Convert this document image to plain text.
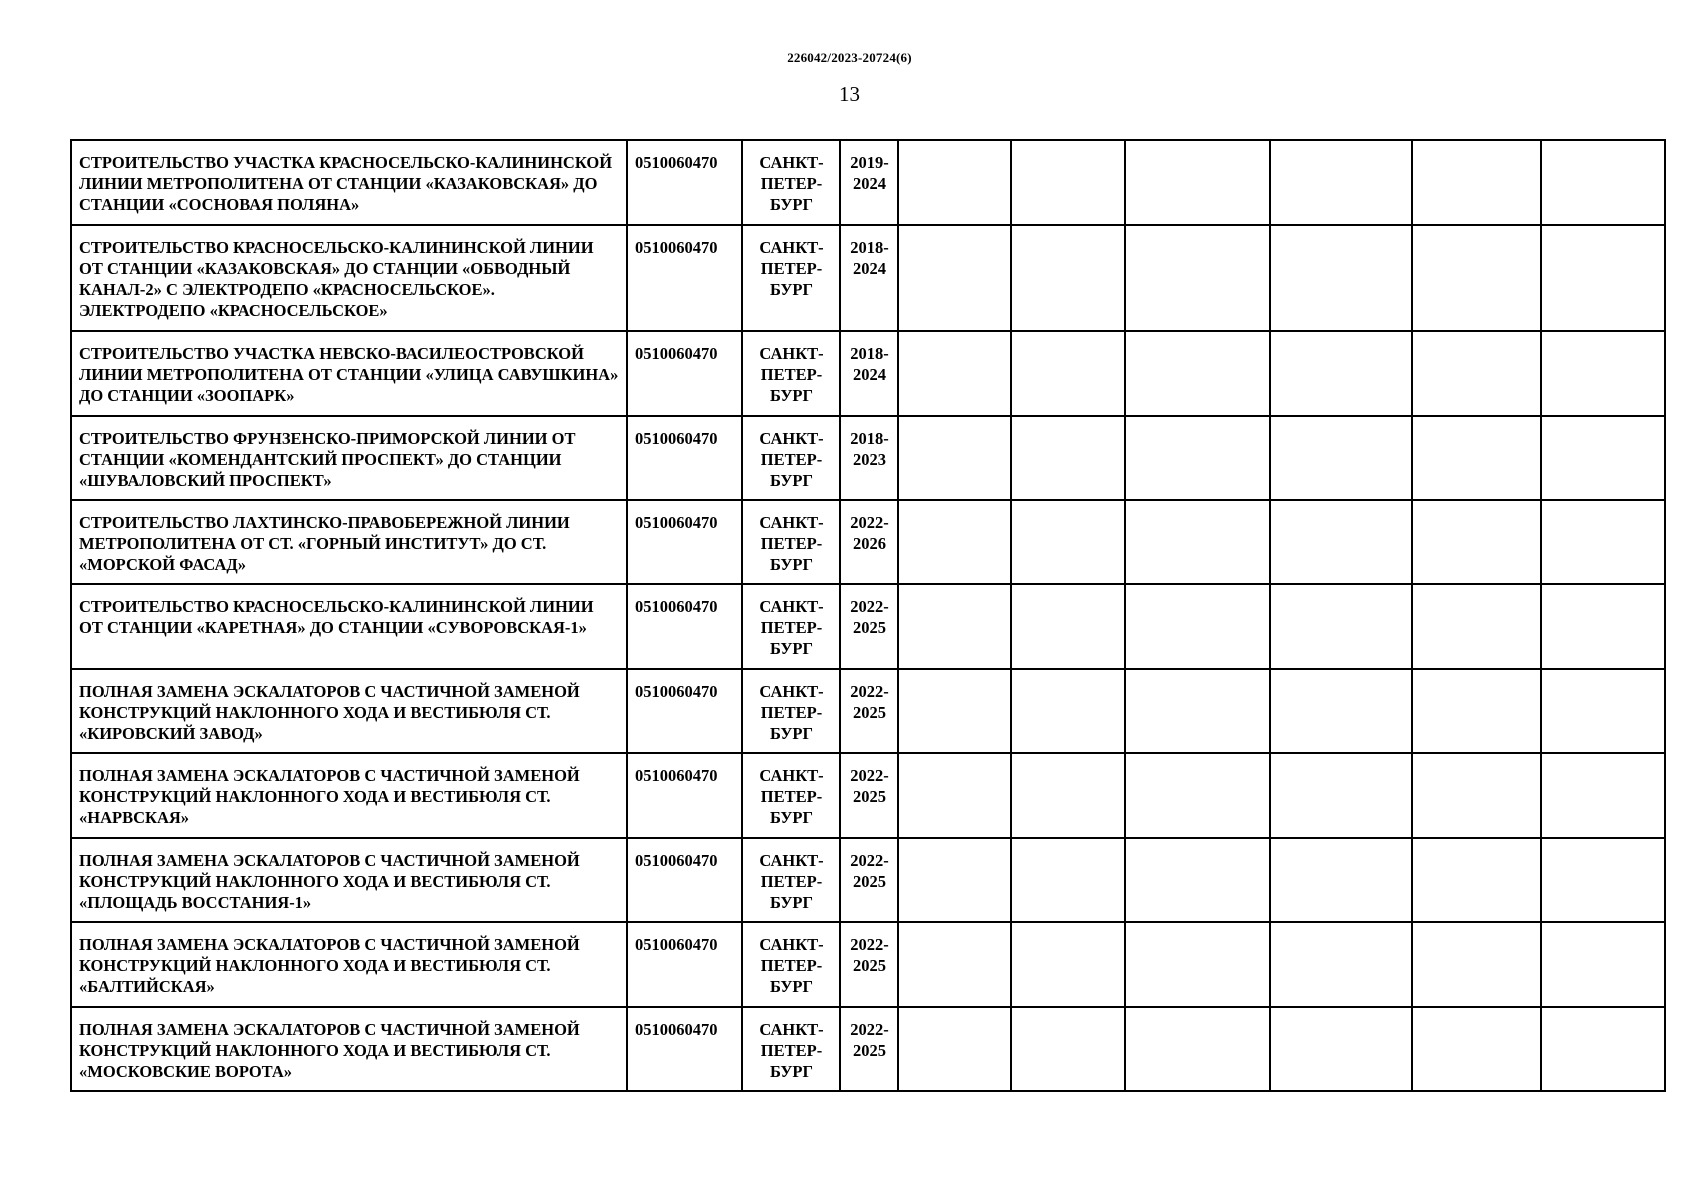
226042/2023-20724(6)
13
СТРОИТЕЛЬСТВО УЧАСТКА КРАСНОСЕЛЬСКО-КАЛИНИНСКОЙ ЛИНИИ МЕТРОПОЛИТЕНА ОТ СТАНЦИИ «КАЗАКОВСКАЯ» ДО СТАНЦИИ «СОСНОВАЯ ПОЛЯНА»	0510060470	САНКТ-
ПЕТЕР-
БУРГ	2019-2024						
СТРОИТЕЛЬСТВО КРАСНОСЕЛЬСКО-КАЛИНИНСКОЙ ЛИНИИ ОТ СТАНЦИИ «КАЗАКОВСКАЯ» ДО СТАНЦИИ «ОБВОДНЫЙ КАНАЛ-2» С ЭЛЕКТРОДЕПО «КРАСНОСЕЛЬСКОЕ». ЭЛЕКТРОДЕПО «КРАСНОСЕЛЬСКОЕ»	0510060470	САНКТ-
ПЕТЕР-
БУРГ	2018-2024						
СТРОИТЕЛЬСТВО УЧАСТКА НЕВСКО-ВАСИЛЕОСТРОВСКОЙ ЛИНИИ МЕТРОПОЛИТЕНА ОТ СТАНЦИИ «УЛИЦА САВУШКИНА» ДО СТАНЦИИ «ЗООПАРК»	0510060470	САНКТ-
ПЕТЕР-
БУРГ	2018-2024						
СТРОИТЕЛЬСТВО ФРУНЗЕНСКО-ПРИМОРСКОЙ ЛИНИИ ОТ СТАНЦИИ «КОМЕНДАНТСКИЙ ПРОСПЕКТ» ДО СТАНЦИИ «ШУВАЛОВСКИЙ ПРОСПЕКТ»	0510060470	САНКТ-
ПЕТЕР-
БУРГ	2018-2023						
СТРОИТЕЛЬСТВО ЛАХТИНСКО-ПРАВОБЕРЕЖНОЙ ЛИНИИ МЕТРОПОЛИТЕНА ОТ СТ. «ГОРНЫЙ ИНСТИТУТ» ДО СТ. «МОРСКОЙ ФАСАД»	0510060470	САНКТ-
ПЕТЕР-
БУРГ	2022-2026						
СТРОИТЕЛЬСТВО КРАСНОСЕЛЬСКО-КАЛИНИНСКОЙ ЛИНИИ ОТ СТАНЦИИ «КАРЕТНАЯ» ДО СТАНЦИИ «СУВОРОВСКАЯ-1»	0510060470	САНКТ-
ПЕТЕР-
БУРГ	2022-2025						
ПОЛНАЯ ЗАМЕНА ЭСКАЛАТОРОВ С ЧАСТИЧНОЙ ЗАМЕНОЙ КОНСТРУКЦИЙ НАКЛОННОГО ХОДА И ВЕСТИБЮЛЯ СТ. «КИРОВСКИЙ ЗАВОД»	0510060470	САНКТ-
ПЕТЕР-
БУРГ	2022-2025						
ПОЛНАЯ ЗАМЕНА ЭСКАЛАТОРОВ С ЧАСТИЧНОЙ ЗАМЕНОЙ КОНСТРУКЦИЙ НАКЛОННОГО ХОДА И ВЕСТИБЮЛЯ СТ. «НАРВСКАЯ»	0510060470	САНКТ-
ПЕТЕР-
БУРГ	2022-2025						
ПОЛНАЯ ЗАМЕНА ЭСКАЛАТОРОВ С ЧАСТИЧНОЙ ЗАМЕНОЙ КОНСТРУКЦИЙ НАКЛОННОГО ХОДА И ВЕСТИБЮЛЯ СТ. «ПЛОЩАДЬ ВОССТАНИЯ-1»	0510060470	САНКТ-
ПЕТЕР-
БУРГ	2022-2025						
ПОЛНАЯ ЗАМЕНА ЭСКАЛАТОРОВ С ЧАСТИЧНОЙ ЗАМЕНОЙ КОНСТРУКЦИЙ НАКЛОННОГО ХОДА И ВЕСТИБЮЛЯ СТ. «БАЛТИЙСКАЯ»	0510060470	САНКТ-
ПЕТЕР-
БУРГ	2022-2025						
ПОЛНАЯ ЗАМЕНА ЭСКАЛАТОРОВ С ЧАСТИЧНОЙ ЗАМЕНОЙ КОНСТРУКЦИЙ НАКЛОННОГО ХОДА И ВЕСТИБЮЛЯ СТ. «МОСКОВСКИЕ ВОРОТА»	0510060470	САНКТ-
ПЕТЕР-
БУРГ	2022-2025						
